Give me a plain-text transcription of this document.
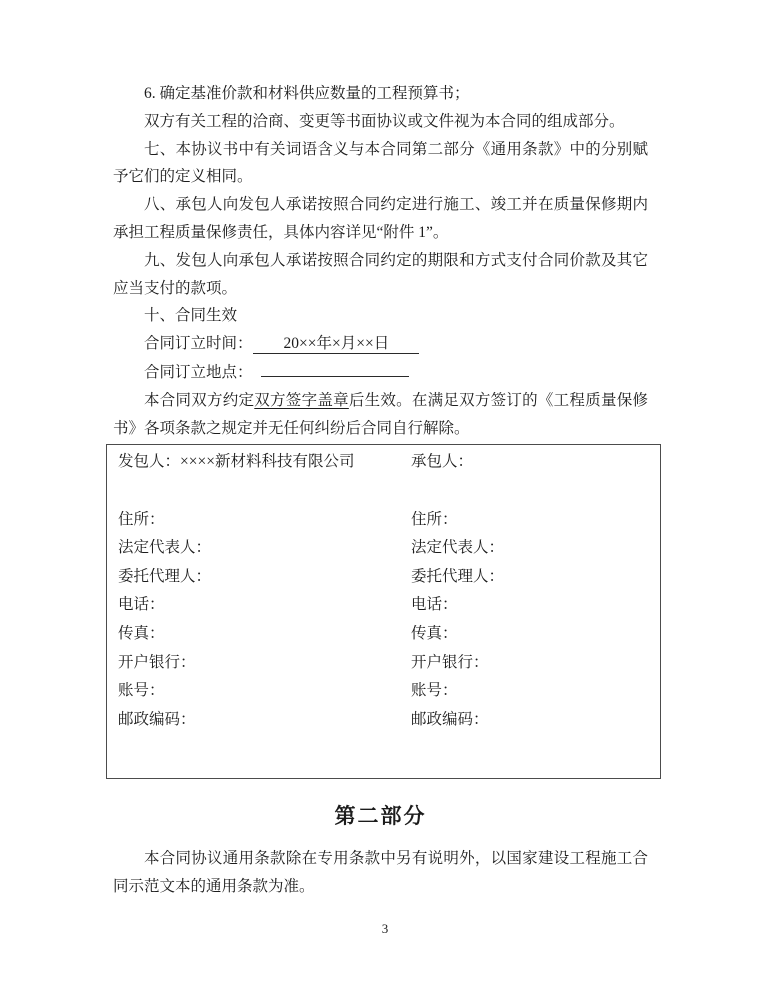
6. 确定基准价款和材料供应数量的工程预算书；

双方有关工程的洽商、变更等书面协议或文件视为本合同的组成部分。

七、本协议书中有关词语含义与本合同第二部分《通用条款》中的分别赋予它们的定义相同。

八、承包人向发包人承诺按照合同约定进行施工、竣工并在质量保修期内承担工程质量保修责任，具体内容详见“附件 1”。

九、发包人向承包人承诺按照合同约定的期限和方式支付合同价款及其它应当支付的款项。

十、合同生效

合同订立时间： 20××年×月××日

合同订立地点：

本合同双方约定双方签字盖章后生效。在满足双方签订的《工程质量保修书》各项条款之规定并无任何纠纷后合同自行解除。

发包人：××××新材料科技有限公司
住所：
法定代表人：
委托代理人：
电话：
传真：
开户银行：
账号：
邮政编码：
承包人：
住所：
法定代表人：
委托代理人：
电话：
传真：
开户银行：
账号：
邮政编码：
第二部分

本合同协议通用条款除在专用条款中另有说明外，以国家建设工程施工合同示范文本的通用条款为准。

3
